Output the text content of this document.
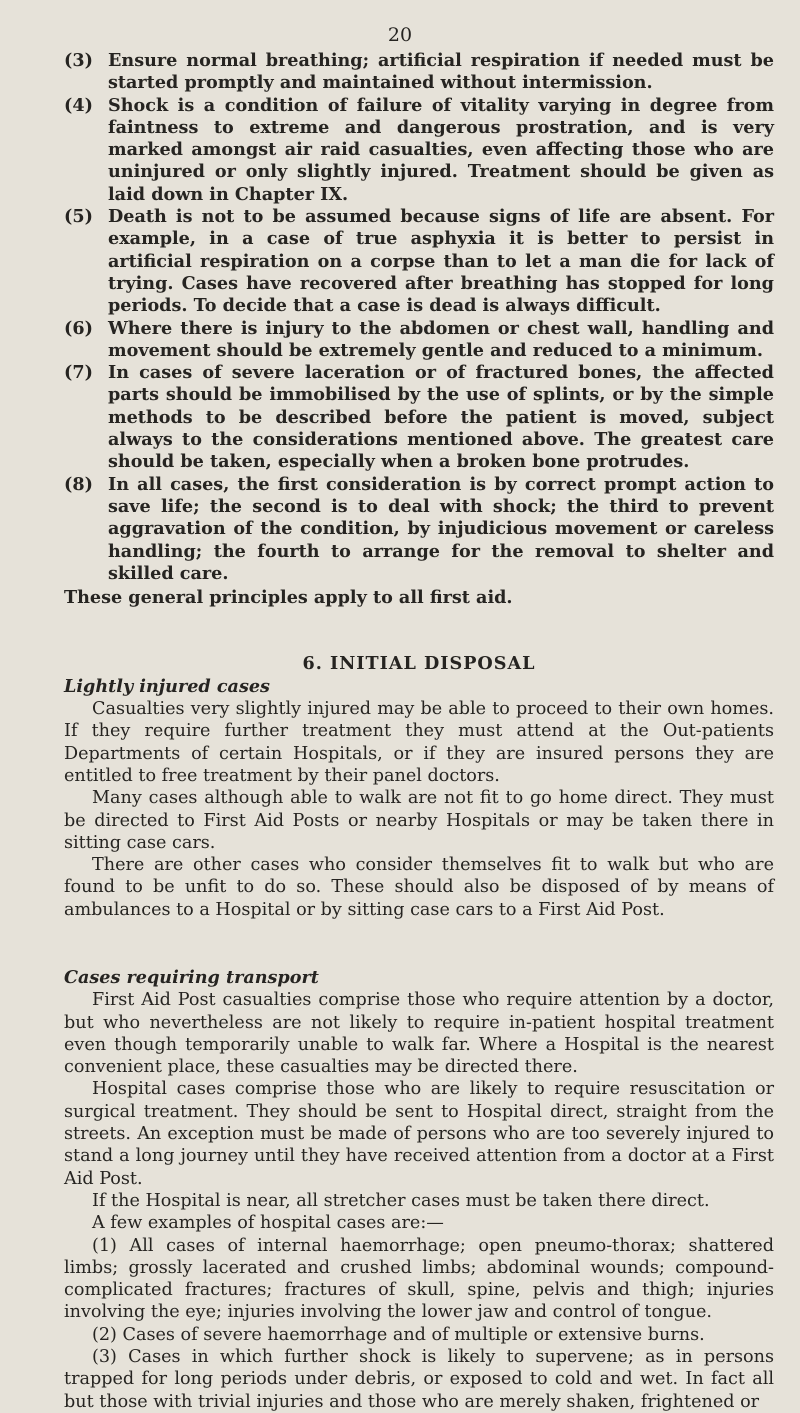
20
(3) Ensure normal breathing; artificial respiration if needed must be started promptly and maintained without intermission.
(4) Shock is a condition of failure of vitality varying in degree from faintness to extreme and dangerous prostration, and is very marked amongst air raid casualties, even affecting those who are uninjured or only slightly injured. Treatment should be given as laid down in Chapter IX.
(5) Death is not to be assumed because signs of life are absent. For example, in a case of true asphyxia it is better to persist in artificial respiration on a corpse than to let a man die for lack of trying. Cases have recovered after breathing has stopped for long periods. To decide that a case is dead is always difficult.
(6) Where there is injury to the abdomen or chest wall, handling and movement should be extremely gentle and reduced to a minimum.
(7) In cases of severe laceration or of fractured bones, the affected parts should be immobilised by the use of splints, or by the simple methods to be described before the patient is moved, subject always to the considerations mentioned above. The greatest care should be taken, especially when a broken bone protrudes.
(8) In all cases, the first consideration is by correct prompt action to save life; the second is to deal with shock; the third to prevent aggravation of the condition, by injudicious movement or careless handling; the fourth to arrange for the removal to shelter and skilled care.
These general principles apply to all first aid.
6. INITIAL DISPOSAL
Lightly injured cases

Casualties very slightly injured may be able to proceed to their own homes. If they require further treatment they must attend at the Out-patients Departments of certain Hospitals, or if they are insured persons they are entitled to free treatment by their panel doctors.

Many cases although able to walk are not fit to go home direct. They must be directed to First Aid Posts or nearby Hospitals or may be taken there in sitting case cars.

There are other cases who consider themselves fit to walk but who are found to be unfit to do so. These should also be disposed of by means of ambulances to a Hospital or by sitting case cars to a First Aid Post.

Cases requiring transport

First Aid Post casualties comprise those who require attention by a doctor, but who nevertheless are not likely to require in-patient hospital treatment even though temporarily unable to walk far. Where a Hospital is the nearest convenient place, these casualties may be directed there.

Hospital cases comprise those who are likely to require resuscitation or surgical treatment. They should be sent to Hospital direct, straight from the streets. An exception must be made of persons who are too severely injured to stand a long journey until they have received attention from a doctor at a First Aid Post.

If the Hospital is near, all stretcher cases must be taken there direct.

A few examples of hospital cases are:—

(1) All cases of internal haemorrhage; open pneumo-thorax; shattered limbs; grossly lacerated and crushed limbs; abdominal wounds; compound-complicated fractures; fractures of skull, spine, pelvis and thigh; injuries involving the eye; injuries involving the lower jaw and control of tongue.

(2) Cases of severe haemorrhage and of multiple or extensive burns.

(3) Cases in which further shock is likely to supervene; as in persons trapped for long periods under debris, or exposed to cold and wet. In fact all but those with trivial injuries and those who are merely shaken, frightened or
